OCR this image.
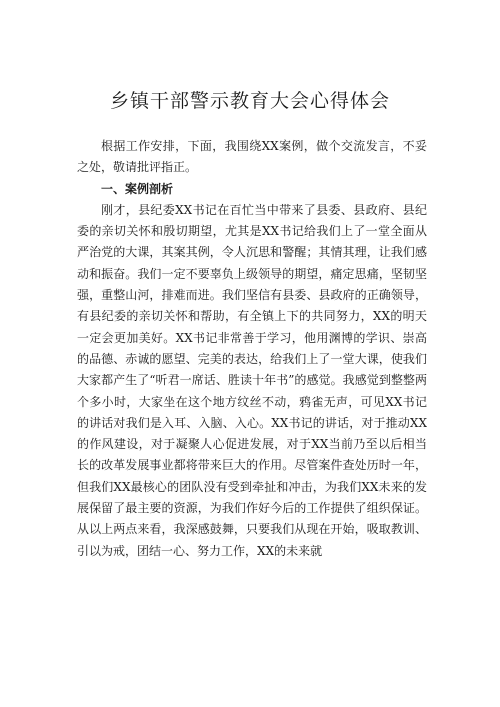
乡镇干部警示教育大会心得体会

根据工作安排，下面，我围绕XX案例，做个交流发言，不妥之处，敬请批评指正。

一、案例剖析

刚才，县纪委XX书记在百忙当中带来了县委、县政府、县纪委的亲切关怀和殷切期望，尤其是XX书记给我们上了一堂全面从严治党的大课，其案其例，令人沉思和警醒；其情其理，让我们感动和振奋。我们一定不要辜负上级领导的期望，痛定思痛，坚韧坚强，重整山河，排难而进。我们坚信有县委、县政府的正确领导，有县纪委的亲切关怀和帮助，有全镇上下的共同努力，XX的明天一定会更加美好。XX书记非常善于学习，他用渊博的学识、崇高的品德、赤诚的愿望、完美的表达，给我们上了一堂大课，使我们大家都产生了“听君一席话、胜读十年书”的感觉。我感觉到整整两个多小时，大家坐在这个地方纹丝不动，鸦雀无声，可见XX书记的讲话对我们是入耳、入脑、入心。XX书记的讲话，对于推动XX的作风建设，对于凝聚人心促进发展，对于XX当前乃至以后相当长的改革发展事业都将带来巨大的作用。尽管案件查处历时一年，但我们XX最核心的团队没有受到牵扯和冲击，为我们XX未来的发展保留了最主要的资源，为我们作好今后的工作提供了组织保证。从以上两点来看，我深感鼓舞，只要我们从现在开始，吸取教训、引以为戒，团结一心、努力工作，XX的未来就
